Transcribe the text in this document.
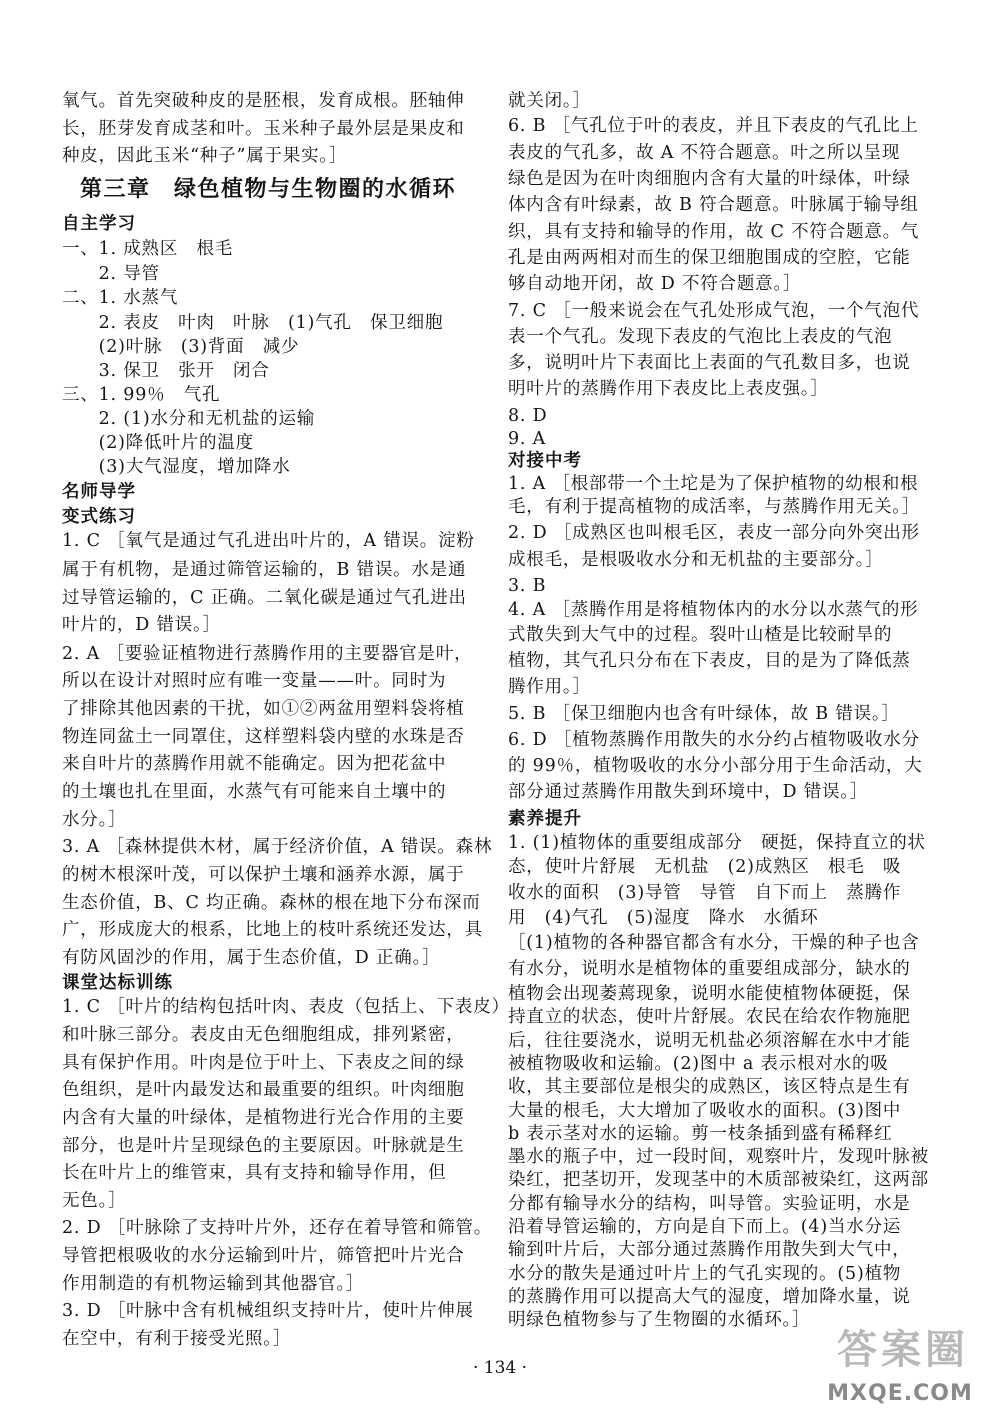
氧气。首先突破种皮的是胚根，发育成根。胚轴伸
长，胚芽发育成茎和叶。玉米种子最外层是果皮和
种皮，因此玉米“种子”属于果实。］
第三章　绿色植物与生物圈的水循环
自主学习
一、1. 成熟区　根毛
　　2. 导管
二、1. 水蒸气
　　2. 表皮　叶肉　叶脉　(1)气孔　保卫细胞
　　(2)叶脉　(3)背面　减少
　　3. 保卫　张开　闭合
三、1. 99％　气孔
　　2. (1)水分和无机盐的运输
　　(2)降低叶片的温度
　　(3)大气湿度，增加降水
名师导学
变式练习
1. C ［氧气是通过气孔进出叶片的，A 错误。淀粉
属于有机物，是通过筛管运输的，B 错误。水是通
过导管运输的，C 正确。二氧化碳是通过气孔进出
叶片的，D 错误。］
2. A ［要验证植物进行蒸腾作用的主要器官是叶，
所以在设计对照时应有唯一变量——叶。同时为
了排除其他因素的干扰，如①②两盆用塑料袋将植
物连同盆土一同罩住，这样塑料袋内壁的水珠是否
来自叶片的蒸腾作用就不能确定。因为把花盆中
的土壤也扎在里面，水蒸气有可能来自土壤中的
水分。］
3. A ［森林提供木材，属于经济价值，A 错误。森林
的树木根深叶茂，可以保护土壤和涵养水源，属于
生态价值，B、C 均正确。森林的根在地下分布深而
广，形成庞大的根系，比地上的枝叶系统还发达，具
有防风固沙的作用，属于生态价值，D 正确。］
课堂达标训练
1. C ［叶片的结构包括叶肉、表皮（包括上、下表皮）
和叶脉三部分。表皮由无色细胞组成，排列紧密，
具有保护作用。叶肉是位于叶上、下表皮之间的绿
色组织，是叶内最发达和最重要的组织。叶肉细胞
内含有大量的叶绿体，是植物进行光合作用的主要
部分，也是叶片呈现绿色的主要原因。叶脉就是生
长在叶片上的维管束，具有支持和输导作用，但
无色。］
2. D ［叶脉除了支持叶片外，还存在着导管和筛管。
导管把根吸收的水分运输到叶片，筛管把叶片光合
作用制造的有机物运输到其他器官。］
3. D ［叶脉中含有机械组织支持叶片，使叶片伸展
在空中，有利于接受光照。］
就关闭。］
6. B ［气孔位于叶的表皮，并且下表皮的气孔比上
表皮的气孔多，故 A 不符合题意。叶之所以呈现
绿色是因为在叶肉细胞内含有大量的叶绿体，叶绿
体内含有叶绿素，故 B 符合题意。叶脉属于输导组
织，具有支持和输导的作用，故 C 不符合题意。气
孔是由两两相对而生的保卫细胞围成的空腔，它能
够自动地开闭，故 D 不符合题意。］
7. C ［一般来说会在气孔处形成气泡，一个气泡代
表一个气孔。发现下表皮的气泡比上表皮的气泡
多，说明叶片下表面比上表面的气孔数目多，也说
明叶片的蒸腾作用下表皮比上表皮强。］
8. D
9. A
对接中考
1. A ［根部带一个土坨是为了保护植物的幼根和根
毛，有利于提高植物的成活率，与蒸腾作用无关。］
2. D ［成熟区也叫根毛区，表皮一部分向外突出形
成根毛，是根吸收水分和无机盐的主要部分。］
3. B
4. A ［蒸腾作用是将植物体内的水分以水蒸气的形
式散失到大气中的过程。裂叶山楂是比较耐旱的
植物，其气孔只分布在下表皮，目的是为了降低蒸
腾作用。］
5. B ［保卫细胞内也含有叶绿体，故 B 错误。］
6. D ［植物蒸腾作用散失的水分约占植物吸收水分
的 99％，植物吸收的水分小部分用于生命活动，大
部分通过蒸腾作用散失到环境中，D 错误。］
素养提升
1. (1)植物体的重要组成部分　硬挺，保持直立的状
态，使叶片舒展　无机盐　(2)成熟区　根毛　吸
收水的面积　(3)导管　导管　自下而上　蒸腾作
用　(4)气孔　(5)湿度　降水　水循环
［(1)植物的各种器官都含有水分，干燥的种子也含
有水分，说明水是植物体的重要组成部分，缺水的
植物会出现萎蔫现象，说明水能使植物体硬挺，保
持直立的状态，使叶片舒展。农民在给农作物施肥
后，往往要浇水，说明无机盐必须溶解在水中才能
被植物吸收和运输。(2)图中 a 表示根对水的吸
收，其主要部位是根尖的成熟区，该区特点是生有
大量的根毛，大大增加了吸收水的面积。(3)图中
b 表示茎对水的运输。剪一枝条插到盛有稀释红
墨水的瓶子中，过一段时间，观察叶片，发现叶脉被
染红，把茎切开，发现茎中的木质部被染红，这两部
分都有输导水分的结构，叫导管。实验证明，水是
沿着导管运输的，方向是自下而上。(4)当水分运
输到叶片后，大部分通过蒸腾作用散失到大气中，
水分的散失是通过叶片上的气孔实现的。(5)植物
的蒸腾作用可以提高大气的湿度，增加降水量，说
明绿色植物参与了生物圈的水循环。］
· 134 ·	答案圈
MXQE.COM
